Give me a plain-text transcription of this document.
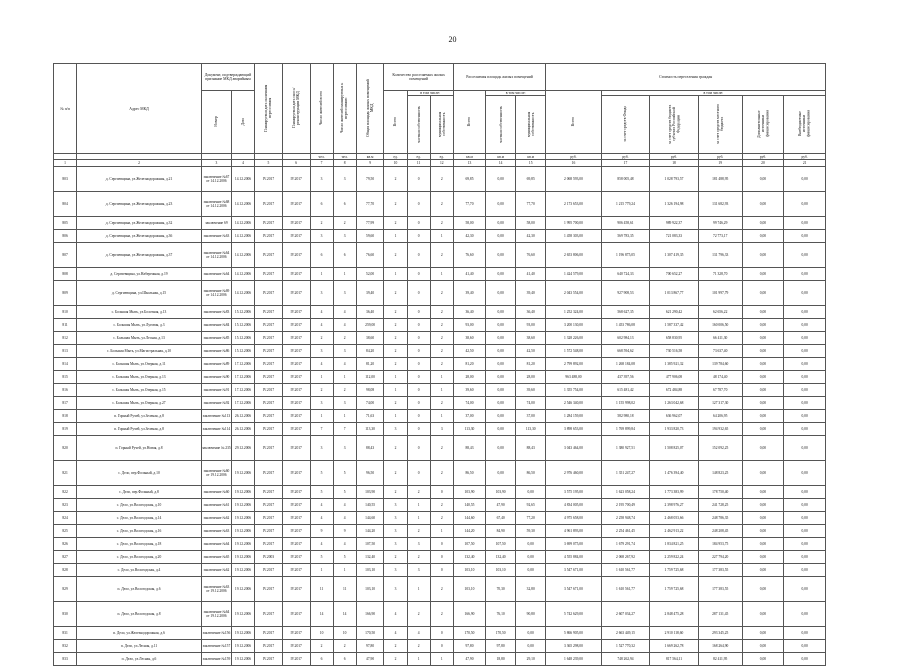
20
№ п/п	Адрес МКД	Документ, подтверждающий признание МКД аварийным		Планируемая дата окончания переселения	Планируемая дата сноса/реконструкции МКД	Число жителей всего	Число жителей планируемых к переселению	Общая площадь жилых помещений МКД	Количество расселяемых жилых помещений			Расселяемая площадь жилых помещений			Стоимость переселения граждан					
		Номер	Дата						Всего	в том числе:		Всего	в том числе:		Всего	в том числе:				
										частная собственность	муниципальная собственность		частная собственность	муниципальная собственность		за счет средств Фонда	за счет средств бюджета субъекта Российской Федерации	за счет средств местного бюджета	Дополнительные источники финансирования	Внебюджетные источники финансирования
						чел.	чел.	кв.м	ед.	ед.	ед.	кв.м	кв.м	кв.м	руб.	руб.	руб.	руб.	руб.	руб.
1	2	3	4	5	6	7	8	9	10	11	12	13	14	15	16	17	18	19	20	21
803	д. Сергиевщина, ул.Железнодорожная, д.21	заключение №67 от 14.12.2006	14.12.2006	IV.2017	IV.2017	3	3	79,50	2	0	2	69,85	0,00	69,85	2 068 593,00	858 005,48	1 028 793,57	181 488,95	0,00	0,00
804	д. Сергиевщина, ул.Железнодорожная, д.23	заключение №68 от 14.12.2006	14.12.2006	IV.2017	IV.2017	6	6	77,70	2	0	2	77,70	0,00	77,70	2 173 653,00	1 215 779,24	1 326 194,98	131 682,93	0,00	0,00
805	д. Сергиевщина, ул.Железнодорожная, д.32	заключение 69	14.12.2006	IV.2017	IV.2017	2	2	77,99	2	0	2	58,00	0,00	58,00	1 995 700,00	906 458,61	989 922,37	99 746,29	0,00	0,00
806	д. Сергиевщина, ул.Железнодорожная, д.36	заключение №63	14.12.2006	IV.2017	IV.2017	3	3	59,60	1	0	1	42,30	0,00	42,30	1 458 303,00	569 783,35	721 083,33	72 773,17	0,00	0,00
807	д. Сергиевщина, ул.Железнодорожная, д.37	заключение №64 от 14.12.2006	14.12.2006	IV.2017	IV.2017	6	6	76,60	2	0	2	76,60	0,00	76,60	2 653 806,00	1 196 875,05	1 307 419,35	131 796,33	0,00	0,00
808	д. Сергиевщина, ул.Набережная, д.19	заключение №64	14.12.2006	IV.2017	IV.2017	1	1	52,00	1	0	1	41,40	0,00	41,40	1 424 579,00	640 724,33	700 652,27	71 328,70	0,00	0,00
809	д. Сергиевщина, ул.Школьная, д.15	заключение №69 от 14.12.2006	14.12.2006	IV.2017	IV.2017	3	3	39,40	2	0	2	39,40	0,00	39,40	2 043 554,00	927 908,53	1 013 867,77	101 997,79	0,00	0,00
810	с. Большая Мыть, ул.Болотная, д.13	заключение №83	15.12.2006	IV.2017	IV.2017	4	4	36,40	2	0	2	36,40	0,00	36,40	1 252 324,00	568 627,35	621 290,42	62 656,22	0,00	0,00
811	с. Большая Мыть, ул.Луговая, д.3	заключение №84	15.12.2006	IV.2017	IV.2017	4	4	259,00	2	0	2	93,00	0,00	93,00	3 200 130,00	1 453 786,08	1 587 337,42	160 006,50	0,00	0,00
812	с. Большая Мыть, ул.Лесная, д.13	заключение №85	15.12.2006	IV.2017	IV.2017	2	2	38,60	2	0	2	38,60	0,00	38,60	1 328 226,00	602 984,13	658 830,95	66 411,30	0,00	0,00
813	с. Большая Мыть, ул.Магистральная, д.10	заключение №86	15.12.2006	IV.2017	IV.2017	3	3	84,20	2	0	2	42,50	0,00	42,50	1 572 548,00	668 594,62	730 516,58	73 637,40	0,00	0,00
814	с. Большая Мыть, ул.Озерная, д.11	заключение №89	17.12.2006	IV.2017	IV.2017	4	4	81,20	2	0	2	81,20	0,00	81,20	2 799 892,00	1 268 184,08	1 385 921,32	139 784,60	0,00	0,00
815	с. Большая Мыть, ул.Озерная, д.13	заключение №90	17.12.2006	IV.2017	IV.2017	1	1	112,00	1	0	1	28,00	0,00	28,00	963 488,00	437 397,56	477 906,08	48 174,40	0,00	0,00
816	с. Большая Мыть, ул.Озерная, д.15	заключение №91	17.12.2006	IV.2017	IV.2017	2	2	98,08	1	0	1	39,60	0,00	39,60	1 355 754,00	615 481,42	672 484,88	67 787,70	0,00	0,00
817	с. Большая Мыть, ул.Озерная, д.27	заключение №92	17.12.2006	IV.2017	IV.2017	3	3	74,00	2	0	2	74,00	0,00	74,00	2 546 340,00	1 155 998,02	1 263 042,68	127 317,30	0,00	0,00
818	п. Горный Ручей, ул.Зеленая, д.8	заключение №113	26.12.2006	IV.2017	IV.2017	1	1	71,63	1	0	1	37,00	0,00	37,00	1 284 159,00	582 980,18	636 962,07	64 206,95	0,00	0,00
819	п. Горный Ручей, ул.Зеленая, д.8	заключение №114	26.12.2006	IV.2017	IV.2017	7	7	113,30	3	0	3	113,30	0,00	113,30	3 898 653,00	1 769 899,84	1 933 820,73	194 932,65	0,00	0,00
820	п. Горный Ручей, ул.Новая, д.8	заключение № 235	29.12.2006	IV.2017	IV.2017	3	3	88,43	2	0	2	88,43	0,00	88,43	3 043 464,00	1 380 927,51	1 508 825,07	152 092,25	0,00	0,00
821	с. Дело, пер.Фольный, д.10	заключение №60 от 19.12.2006	19.12.2006	IV.2017	IV.2017	5	5	96,50	2	0	2	86,50	0,00	86,50	2 976 460,00	1 351 247,27	1 476 394,40	148 823,25	0,00	0,00
822	с. Дело, пер.Фольный, д.8	заключение №60	19.12.2006	IV.2017	IV.2017	5	5	103,90	2	2	0	103,90	103,90	0,00	3 575 195,00	1 623 058,24	1 773 383,99	178 750,40	0,00	0,00
823	с. Дело, ул.Вологодская, д.10	заключение №61	19.12.2006	IV.2017	IV.2017	4	4	140,55	3	1	2	140,55	47,90	92,65	4 834 005,00	2 195 700,49	2 398 976,27	241 728,25	0,00	0,00
824	с. Дело, ул.Вологодская, д.14	заключение №62	19.12.2006	IV.2017	IV.2017	4	4	144,60	3	1	2	144,60	67,40	77,20	4 975 658,00	2 258 948,74	2 468 053,66	248 786,35	0,00	0,00
825	с. Дело, ул.Вологодская, д.16	заключение №63	19.12.2006	IV.2017	IV.2017	9	9	144,20	3	2	1	144,20	84,90	59,30	4 961 893,00	2 254 461,45	2 462 913,22	248 208,45	0,00	0,00
826	с. Дело, ул.Вологодская, д.18	заключение №64	19.12.2006	IV.2017	IV.2017	4	4	107,50	3	3	0	107,50	107,50	0,00	3 699 075,00	1 679 291,74	1 834 821,25	184 953,75	0,00	0,00
827	с. Дело, ул.Вологодская, д.20	заключение №65	19.12.2006	IV.2003	IV.2017	5	5	132,40	2	2	0	132,40	132,40	0,00	4 555 884,00	2 068 267,92	2 259 822,24	227 794,20	0,00	0,00
828	с. Дело, ул.Вологодская, д.4	заключение №62	19.12.2006	IV.2017	IV.2017	1	1	103,10	3	3	0	103,10	103,10	0,00	3 547 671,00	1 610 561,77	1 759 725,68	177 383,55	0,00	0,00
829	п. Дело, ул.Вологодская, д.6	заключение №63 от 19.12.2006	19.12.2006	IV.2017	IV.2017	11	11	103,10	3	1	2	103,10	70,30	32,80	3 547 671,00	1 610 561,77	1 759 725,68	177 383,55	0,00	0,00
830	п. Дело, ул.Вологодская, д.8	заключение №64 от 19.12.2006	19.12.2006	IV.2017	IV.2017	14	14	166,90	4	2	2	166,90	76,10	90,80	5 742 629,00	2 607 034,27	2 848 475,28	287 131,45	0,00	0,00
831	п. Дело, ул.Железнодорожная, д.6	заключение №156	19.12.2006	IV.2017	IV.2017	10	10	170,50	4	4	0	170,50	170,50	0,00	5 866 905,00	2 663 449,15	2 910 118,60	293 345,25	0,00	0,00
832	п. Дело, ул.Лесная, д.11	заключение №157	19.12.2006	IV.2017	IV.2017	2	2	97,80	2	2	0	97,80	97,80	0,00	3 365 298,00	1 527 770,32	1 669 262,78	168 264,90	0,00	0,00
833	п. Дело, ул.Лесная, д.6	заключение №159	19.12.2006	IV.2017	IV.2017	6	6	47,90	2	1	1	47,90	18,80	29,10	1 648 239,00	748 262,94	817 564,11	82 411,95	0,00	0,00
